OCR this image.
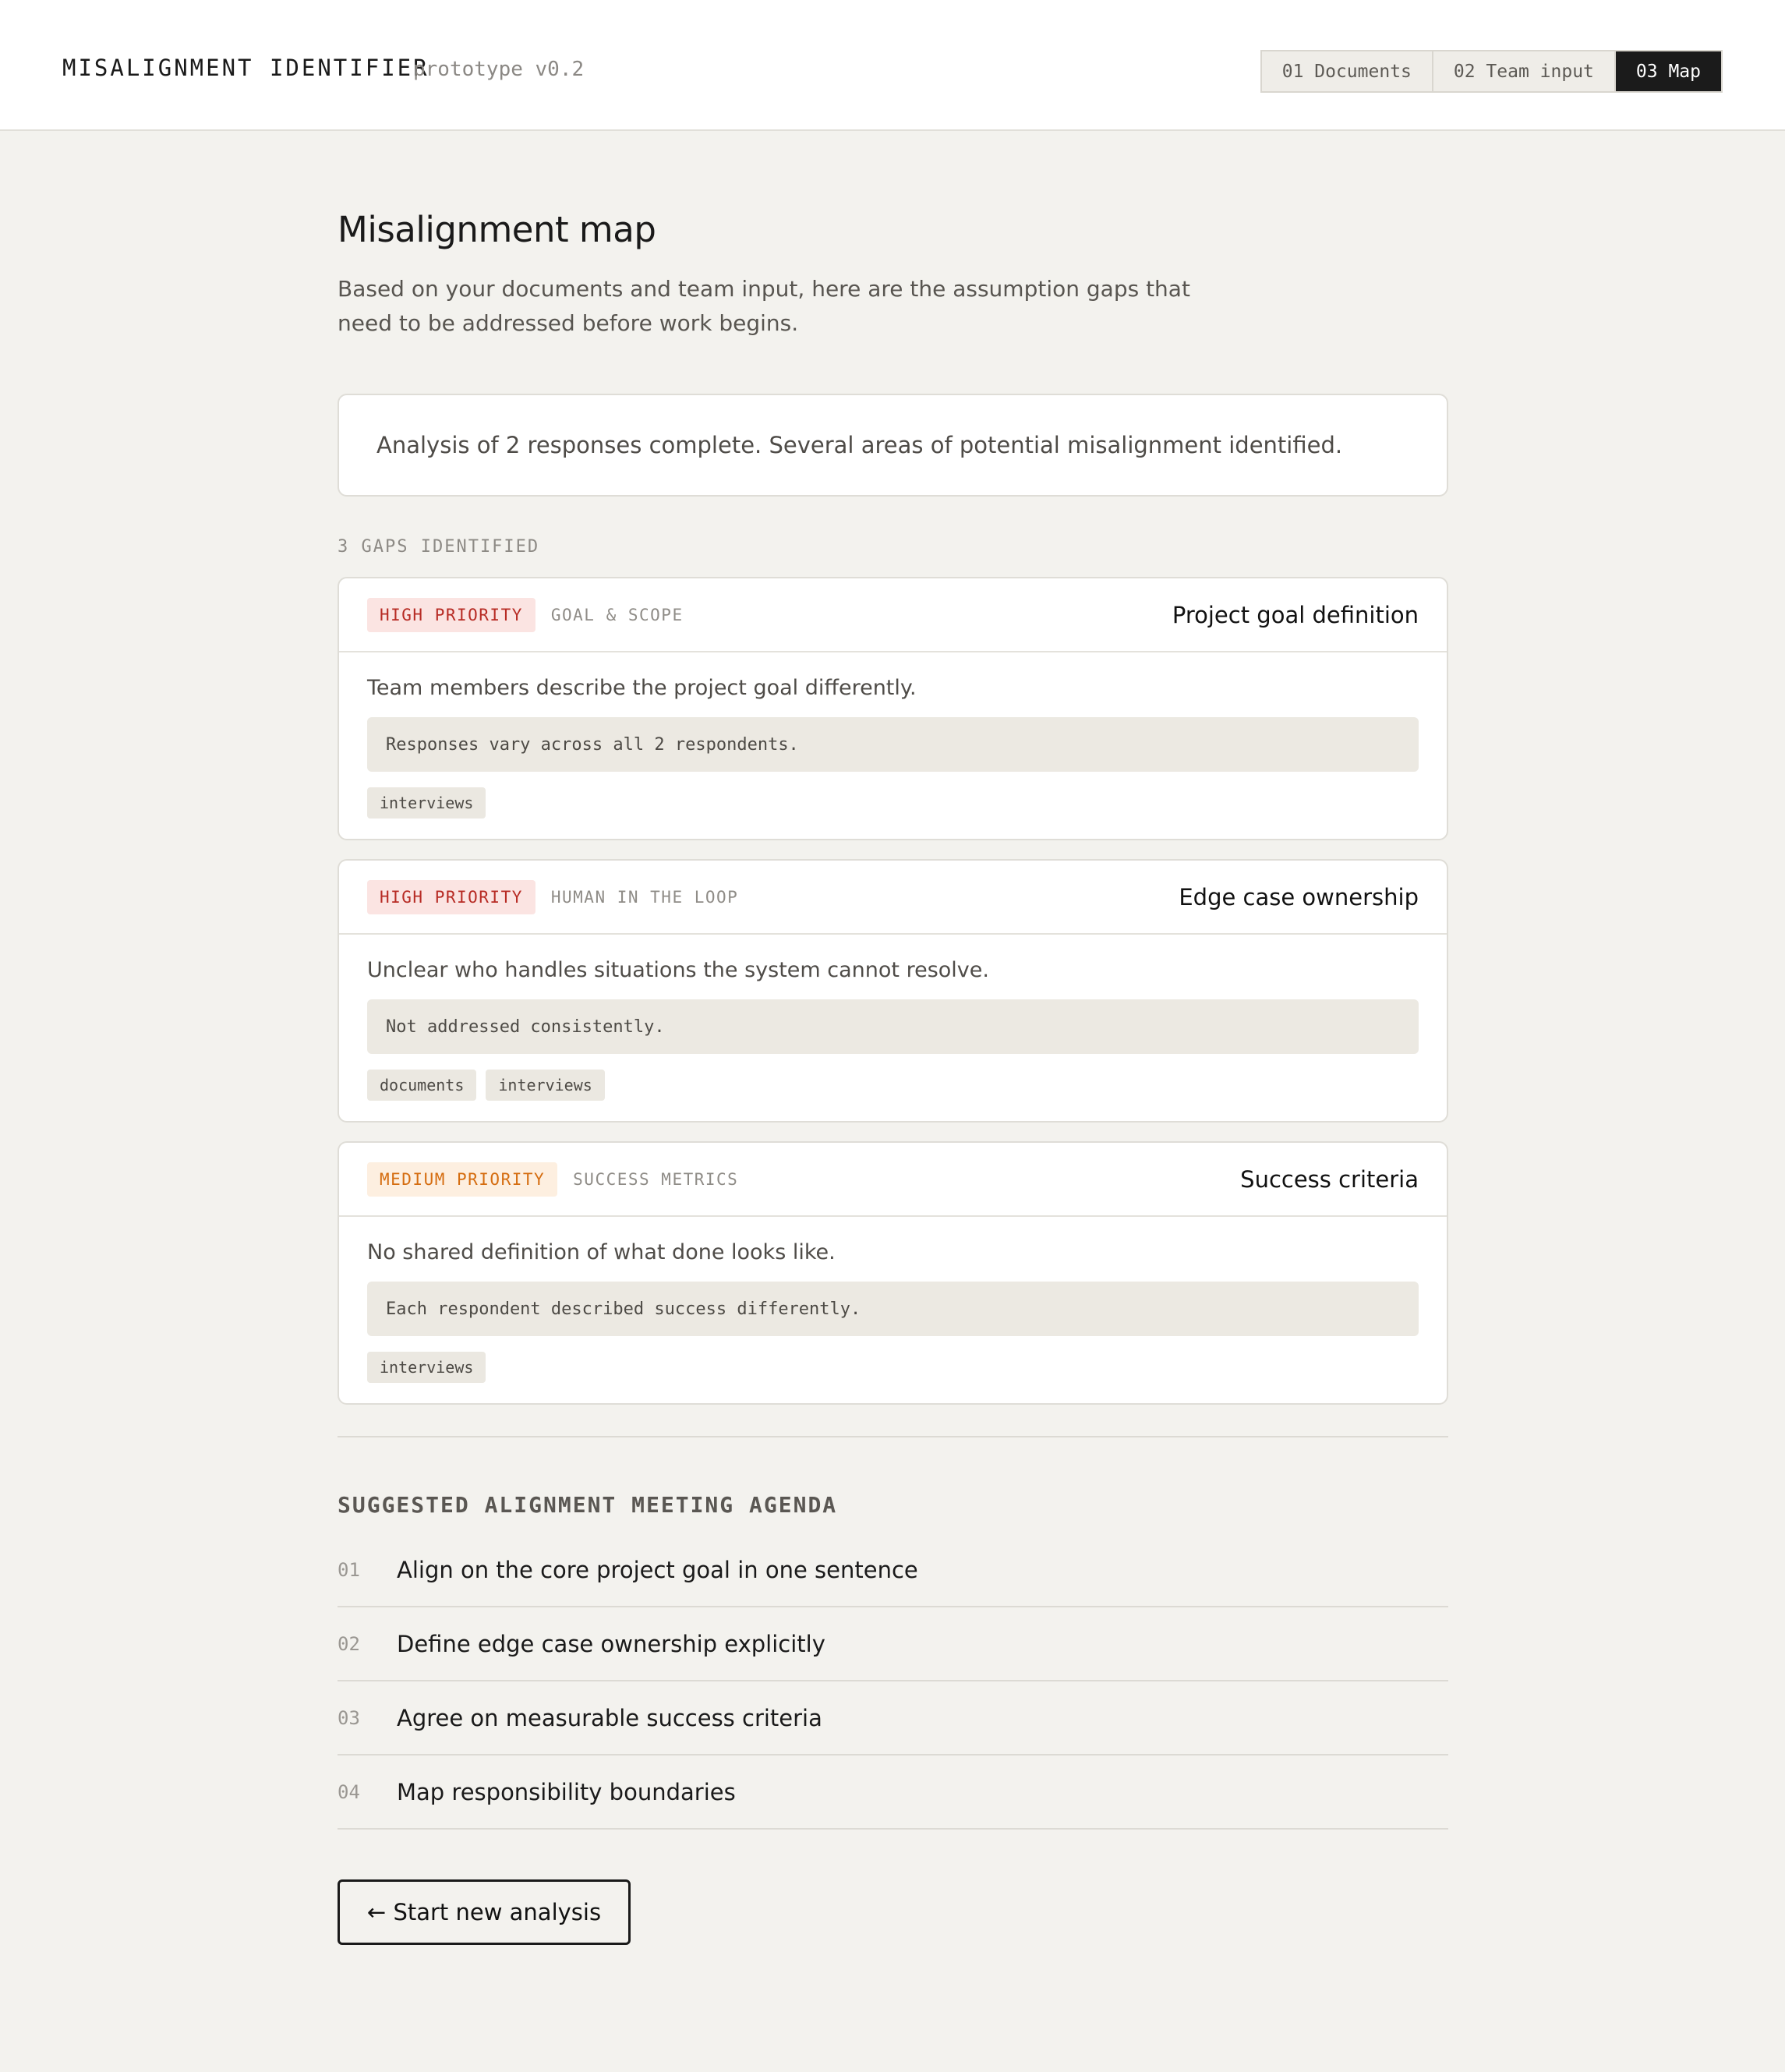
MISALIGNMENT IDENTIFIER
prototype v0.2	01 Documents	02 Team input	03 Map
Misalignment map

Based on your documents and team input, here are the assumption gaps that need to be addressed before work begins.

Analysis of 2 responses complete. Several areas of potential misalignment identified.
3 GAPS IDENTIFIED
HIGH PRIORITY	GOAL & SCOPE	Project goal definition

Team members describe the project goal differently.

Responses vary across all 2 respondents.
interviews
HIGH PRIORITY	HUMAN IN THE LOOP	Edge case ownership

Unclear who handles situations the system cannot resolve.

Not addressed consistently.
documents	interviews
MEDIUM PRIORITY	SUCCESS METRICS	Success criteria

No shared definition of what done looks like.

Each respondent described success differently.
interviews
SUGGESTED ALIGNMENT MEETING AGENDA
01	Align on the core project goal in one sentence
02	Define edge case ownership explicitly
03	Agree on measurable success criteria
04	Map responsibility boundaries
← Start new analysis
